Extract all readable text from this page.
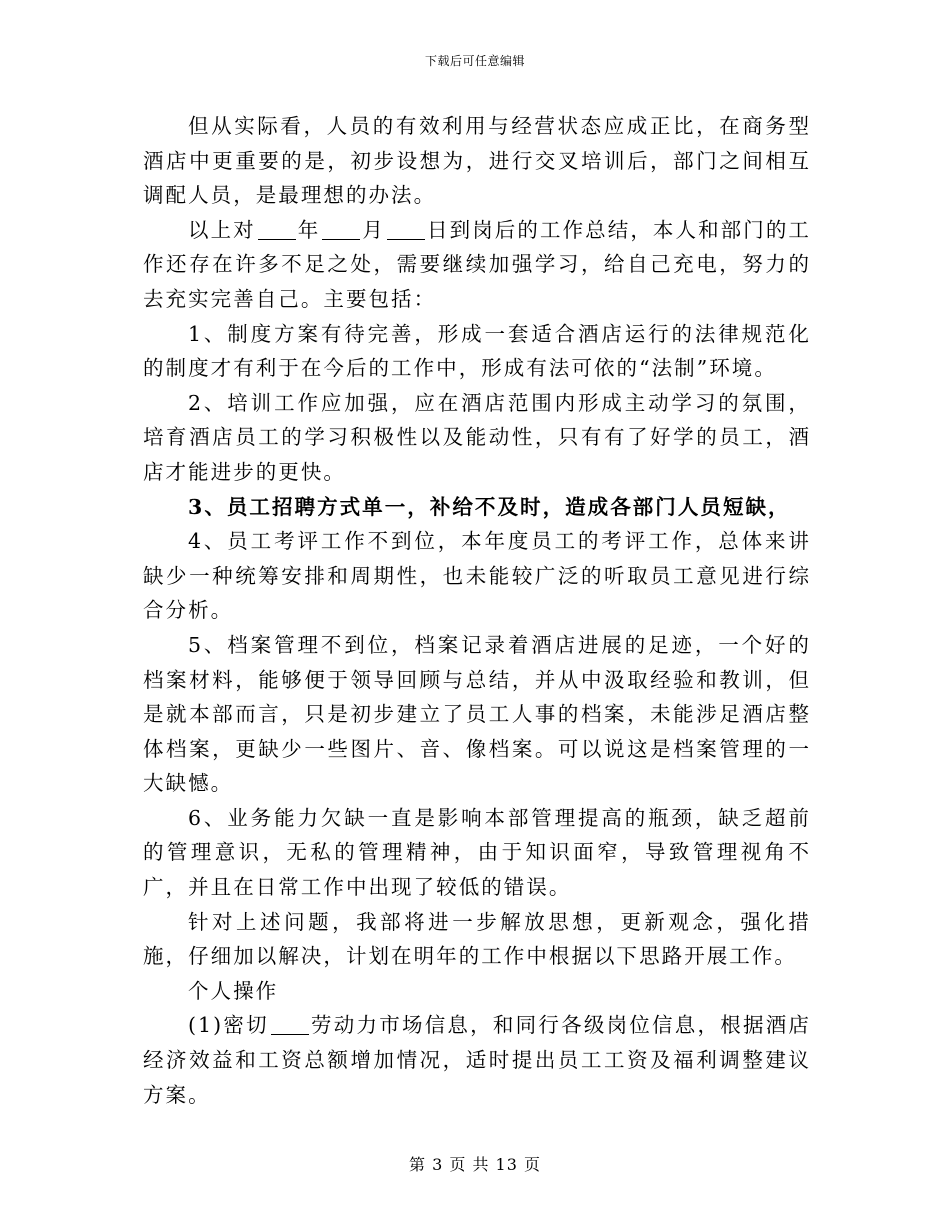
下载后可任意编辑

但从实际看，人员的有效利用与经营状态应成正比，在商务型酒店中更重要的是，初步设想为，进行交叉培训后，部门之间相互调配人员，是最理想的办法。

以上对 年 月 日到岗后的工作总结，本人和部门的工作还存在许多不足之处，需要继续加强学习，给自己充电，努力的去充实完善自己。主要包括：

1、制度方案有待完善，形成一套适合酒店运行的法律规范化的制度才有利于在今后的工作中，形成有法可依的“法制”环境。

2、培训工作应加强，应在酒店范围内形成主动学习的氛围，培育酒店员工的学习积极性以及能动性，只有有了好学的员工，酒店才能进步的更快。

3、员工招聘方式单一，补给不及时，造成各部门人员短缺，

4、员工考评工作不到位，本年度员工的考评工作，总体来讲缺少一种统筹安排和周期性，也未能较广泛的听取员工意见进行综合分析。

5、档案管理不到位，档案记录着酒店进展的足迹，一个好的档案材料，能够便于领导回顾与总结，并从中汲取经验和教训，但是就本部而言，只是初步建立了员工人事的档案，未能涉足酒店整体档案，更缺少一些图片、音、像档案。可以说这是档案管理的一大缺憾。

6、业务能力欠缺一直是影响本部管理提高的瓶颈，缺乏超前的管理意识，无私的管理精神，由于知识面窄，导致管理视角不广，并且在日常工作中出现了较低的错误。

针对上述问题，我部将进一步解放思想，更新观念，强化措施，仔细加以解决，计划在明年的工作中根据以下思路开展工作。

个人操作

(1)密切 劳动力市场信息，和同行各级岗位信息，根据酒店经济效益和工资总额增加情况，适时提出员工工资及福利调整建议方案。

第 3 页 共 13 页
